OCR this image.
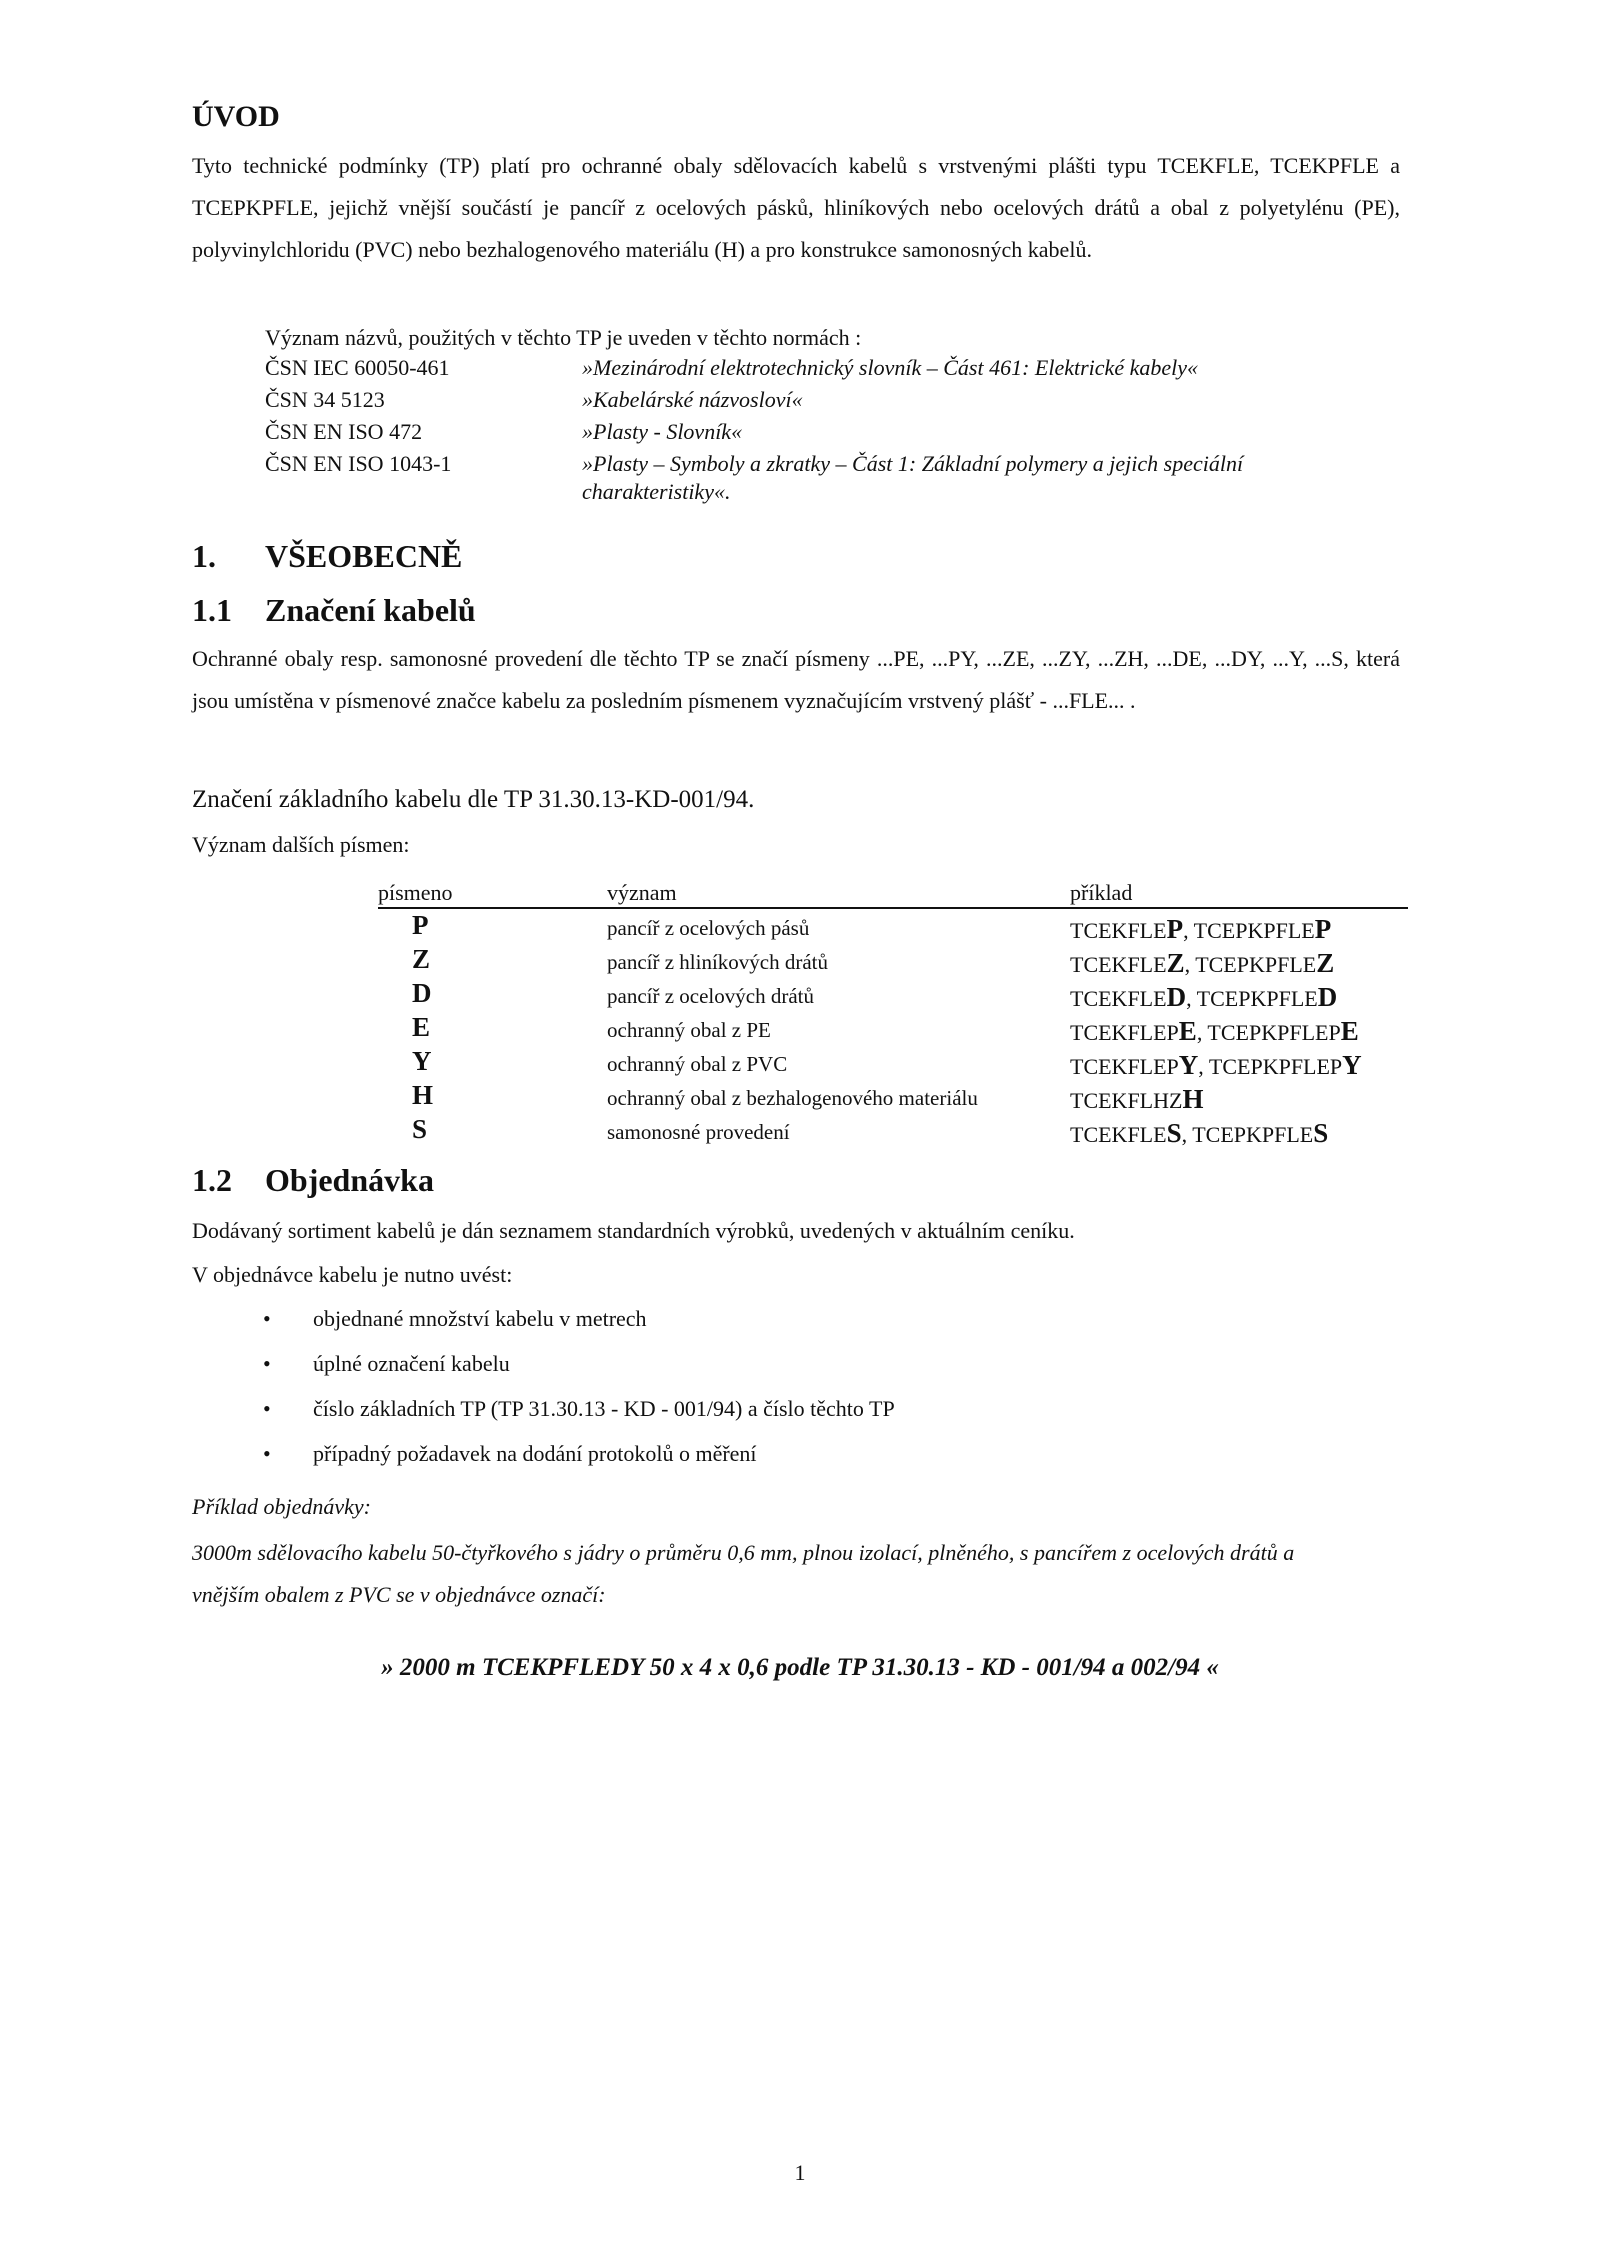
ÚVOD
Tyto technické podmínky (TP) platí pro ochranné obaly sdělovacích kabelů s vrstvenými plášti typu TCEKFLE, TCEKPFLE a TCEPKPFLE, jejichž vnější součástí je pancíř z ocelových pásků, hliníkových nebo ocelových drátů a obal z polyetylénu (PE), polyvinylchloridu (PVC) nebo bezhalogenového materiálu (H) a pro konstrukce samonosných kabelů.
Význam názvů, použitých v těchto TP je uveden v těchto normách :
ČSN IEC 60050-461	»Mezinárodní elektrotechnický slovník – Část 461: Elektrické kabely«
ČSN 34 5123	»Kabelárské názvosloví«
ČSN EN ISO 472	»Plasty - Slovník«
ČSN EN ISO 1043-1	»Plasty – Symboly a zkratky – Část 1: Základní polymery a jejich speciální charakteristiky«.
1. VŠEOBECNĚ
1.1 Značení kabelů
Ochranné obaly resp. samonosné provedení dle těchto TP se značí písmeny ...PE, ...PY, ...ZE, ...ZY, ...ZH, ...DE, ...DY, ...Y, ...S, která jsou umístěna v písmenové značce kabelu za posledním písmenem vyznačujícím vrstvený plášť - ...FLE... .
Značení základního kabelu dle TP 31.30.13-KD-001/94.
Význam dalších písmen:
písmeno	význam	příklad
P	pancíř z ocelových pásů	TCEKFLEP, TCEPKPFLEP
Z	pancíř z hliníkových drátů	TCEKFLEZ, TCEPKPFLEZ
D	pancíř z ocelových drátů	TCEKFLED, TCEPKPFLED
E	ochranný obal z PE	TCEKFLEPE, TCEPKPFLEPE
Y	ochranný obal z PVC	TCEKFLEPY, TCEPKPFLEPY
H	ochranný obal z bezhalogenového materiálu	TCEKFLHZH
S	samonosné provedení	TCEKFLES, TCEPKPFLES
1.2 Objednávka
Dodávaný sortiment kabelů je dán seznamem standardních výrobků, uvedených v aktuálním ceníku.
V objednávce kabelu je nutno uvést:
• objednané množství kabelu v metrech
• úplné označení kabelu
• číslo základních TP (TP 31.30.13 - KD - 001/94) a číslo těchto TP
• případný požadavek na dodání protokolů o měření
Příklad objednávky:
3000m sdělovacího kabelu 50-čtyřkového s jádry o průměru 0,6 mm, plnou izolací, plněného, s pancířem z ocelových drátů a vnějším obalem z PVC se v objednávce označí:
» 2000 m TCEKPFLEDY 50 x 4 x 0,6 podle TP 31.30.13 - KD - 001/94 a 002/94 «
1
